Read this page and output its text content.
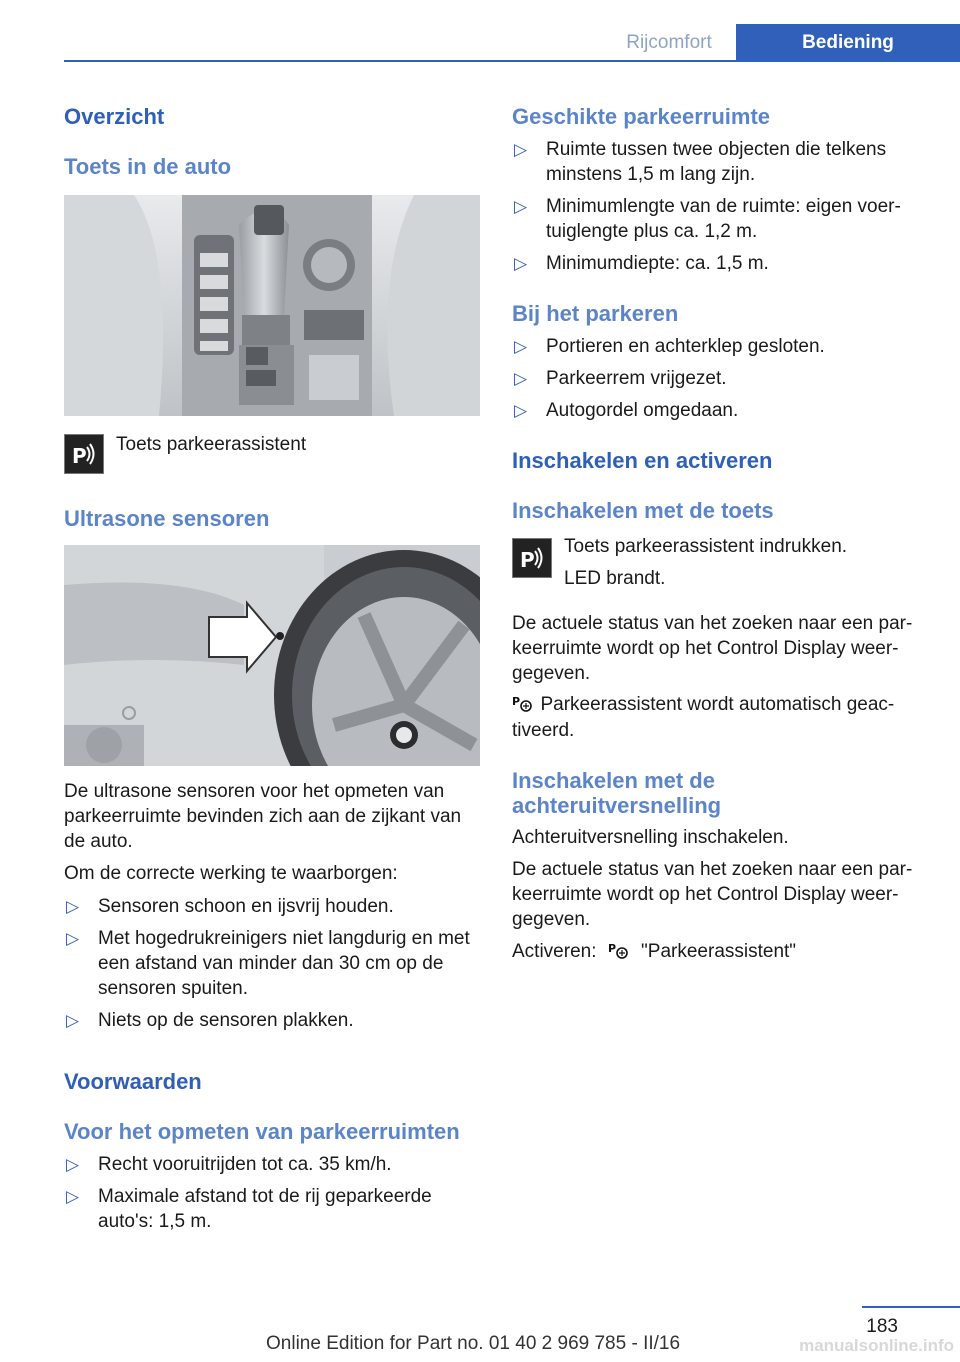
Rijcomfort	Bediening
Overzicht
Toets in de auto
P Toets parkeerassistent

Ultrasone sensoren

De ultrasone sensoren voor het opmeten van parkeerruimte bevinden zich aan de zijkant van de auto.

Om de correcte werking te waarborgen:

▷ Sensoren schoon en ijsvrij houden.
▷ Met hogedrukreinigers niet langdurig en met een afstand van minder dan 30 cm op de sensoren spuiten.
▷ Niets op de sensoren plakken.
Voorwaarden
Voor het opmeten van parkeerruimten
▷ Recht vooruitrijden tot ca. 35 km/h.
▷ Maximale afstand tot de rij geparkeerde auto's: 1,5 m.
Geschikte parkeerruimte
▷ Ruimte tussen twee objecten die telkens minstens 1,5 m lang zijn.
▷ Minimumlengte van de ruimte: eigen voertuiglengte plus ca. 1,2 m.
▷ Minimumdiepte: ca. 1,5 m.
Bij het parkeren
▷ Portieren en achterklep gesloten.
▷ Parkeerrem vrijgezet.
▷ Autogordel omgedaan.
Inschakelen en activeren
Inschakelen met de toets
P

Toets parkeerassistent indrukken.

LED brandt.

De actuele status van het zoeken naar een parkeerruimte wordt op het Control Display weergegeven.

P
Parkeerassistent wordt automatisch geactiveerd.

Inschakelen met de achteruitversnelling

Achteruitversnelling inschakelen.

De actuele status van het zoeken naar een parkeerruimte wordt op het Control Display weergegeven.

Activeren: P "Parkeerassistent"
183
Online Edition for Part no. 01 40 2 969 785 - II/16	manualsonline.info
